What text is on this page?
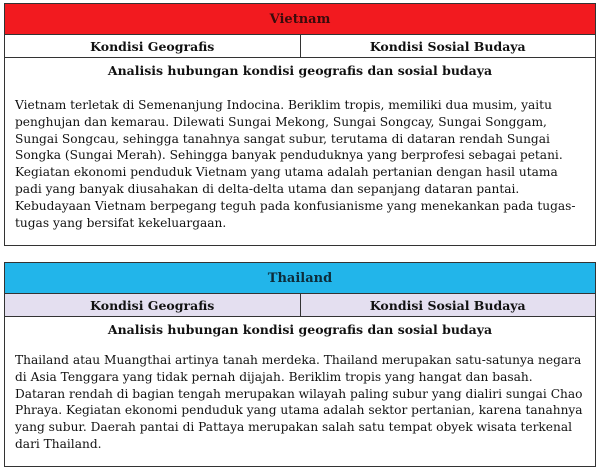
Vietnam
Kondisi Geografis	Kondisi Sosial Budaya
Analisis hubungan kondisi geografis dan sosial budaya

Vietnam terletak di Semenanjung Indocina. Beriklim tropis, memiliki dua musim, yaitu penghujan dan kemarau. Dilewati Sungai Mekong, Sungai Songcay, Sungai Songgam, Sungai Songcau, sehingga tanahnya sangat subur, terutama di dataran rendah Sungai Songka (Sungai Merah). Sehingga banyak penduduknya yang berprofesi sebagai petani. Kegiatan ekonomi penduduk Vietnam yang utama adalah pertanian dengan hasil utama padi yang banyak diusahakan di delta-delta utama dan sepanjang dataran pantai. Kebudayaan Vietnam berpegang teguh pada konfusianisme yang menekankan pada tugas-tugas yang bersifat kekeluargaan.

Thailand
Kondisi Geografis	Kondisi Sosial Budaya
Analisis hubungan kondisi geografis dan sosial budaya

Thailand atau Muangthai artinya tanah merdeka. Thailand merupakan satu-satunya negara di Asia Tenggara yang tidak pernah dijajah. Beriklim tropis yang hangat dan basah. Dataran rendah di bagian tengah merupakan wilayah paling subur yang dialiri sungai Chao Phraya. Kegiatan ekonomi penduduk yang utama adalah sektor pertanian, karena tanahnya yang subur. Daerah pantai di Pattaya merupakan salah satu tempat obyek wisata terkenal dari Thailand.
